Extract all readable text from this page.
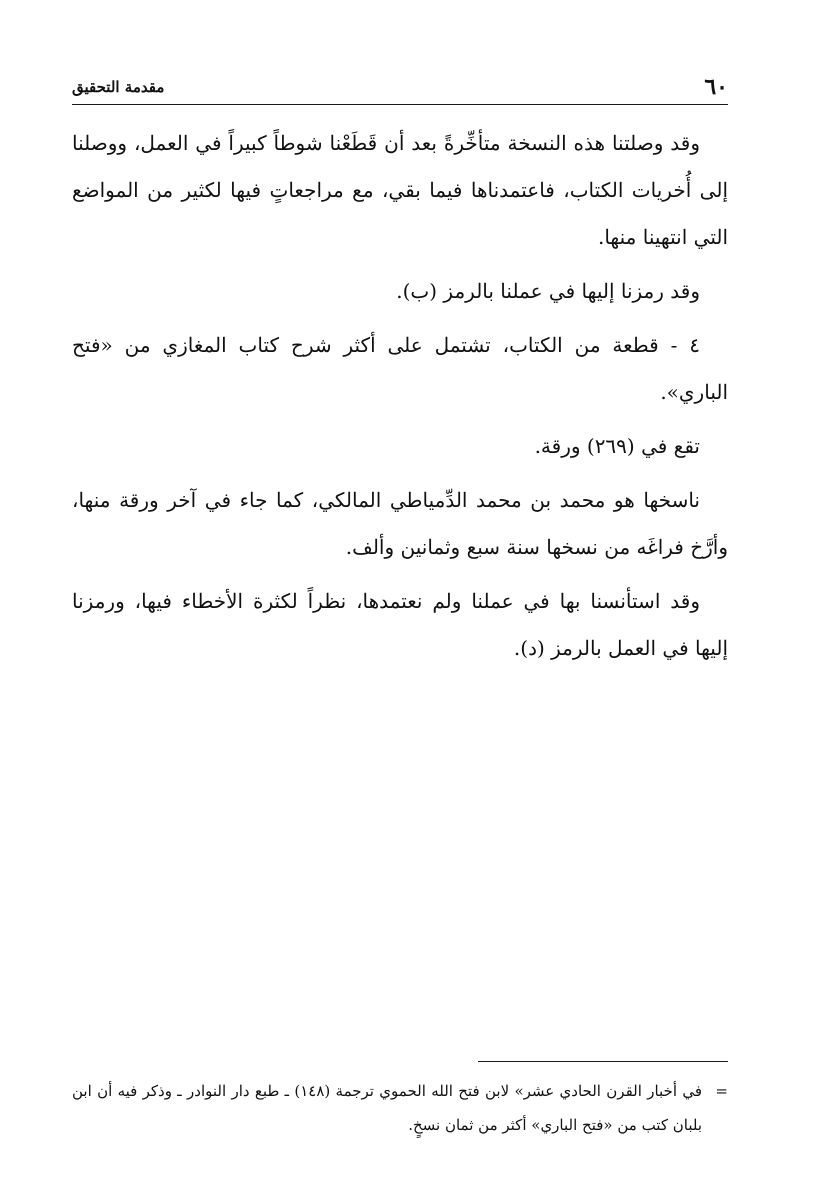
٦٠
مقدمة التحقيق

وقد وصلتنا هذه النسخة متأخِّرةً بعد أن قَطَعْنا شوطاً كبيراً في العمل، ووصلنا إلى أُخريات الكتاب، فاعتمدناها فيما بقي، مع مراجعاتٍ فيها لكثير من المواضع التي انتهينا منها.

وقد رمزنا إليها في عملنا بالرمز (ب).

٤ - قطعة من الكتاب، تشتمل على أكثر شرح كتاب المغازي من «فتح الباري».

تقع في (٢٦٩) ورقة.

ناسخها هو محمد بن محمد الدِّمياطي المالكي، كما جاء في آخر ورقة منها، وأرَّخ فراغَه من نسخها سنة سبع وثمانين وألف.

وقد استأنسنا بها في عملنا ولم نعتمدها، نظراً لكثرة الأخطاء فيها، ورمزنا إليها في العمل بالرمز (د).

=
في أخبار القرن الحادي عشر» لابن فتح الله الحموي ترجمة (١٤٨) ـ طبع دار النوادر ـ وذكر فيه أن ابن بلبان كتب من «فتح الباري» أكثر من ثمان نسخٍ.
